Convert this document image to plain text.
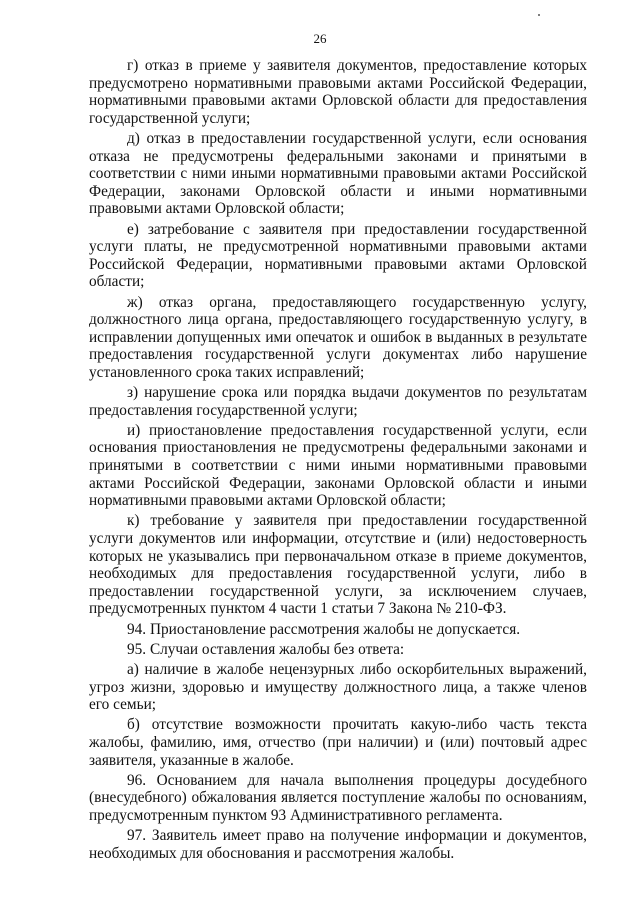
26

г) отказ в приеме у заявителя документов, предоставление которых предусмотрено нормативными правовыми актами Российской Федерации, нормативными правовыми актами Орловской области для предоставления государственной услуги;

д) отказ в предоставлении государственной услуги, если основания отказа не предусмотрены федеральными законами и принятыми в соответствии с ними иными нормативными правовыми актами Российской Федерации, законами Орловской области и иными нормативными правовыми актами Орловской области;

е) затребование с заявителя при предоставлении государственной услуги платы, не предусмотренной нормативными правовыми актами Российской Федерации, нормативными правовыми актами Орловской области;

ж) отказ органа, предоставляющего государственную услугу, должностного лица органа, предоставляющего государственную услугу, в исправлении допущенных ими опечаток и ошибок в выданных в результате предоставления государственной услуги документах либо нарушение установленного срока таких исправлений;

з) нарушение срока или порядка выдачи документов по результатам предоставления государственной услуги;

и) приостановление предоставления государственной услуги, если основания приостановления не предусмотрены федеральными законами и принятыми в соответствии с ними иными нормативными правовыми актами Российской Федерации, законами Орловской области и иными нормативными правовыми актами Орловской области;

к) требование у заявителя при предоставлении государственной услуги документов или информации, отсутствие и (или) недостоверность которых не указывались при первоначальном отказе в приеме документов, необходимых для предоставления государственной услуги, либо в предоставлении государственной услуги, за исключением случаев, предусмотренных пунктом 4 части 1 статьи 7 Закона № 210-ФЗ.

94. Приостановление рассмотрения жалобы не допускается.

95. Случаи оставления жалобы без ответа:

а) наличие в жалобе нецензурных либо оскорбительных выражений, угроз жизни, здоровью и имуществу должностного лица, а также членов его семьи;

б) отсутствие возможности прочитать какую-либо часть текста жалобы, фамилию, имя, отчество (при наличии) и (или) почтовый адрес заявителя, указанные в жалобе.

96. Основанием для начала выполнения процедуры досудебного (внесудебного) обжалования является поступление жалобы по основаниям, предусмотренным пунктом 93 Административного регламента.

97. Заявитель имеет право на получение информации и документов, необходимых для обоснования и рассмотрения жалобы.
